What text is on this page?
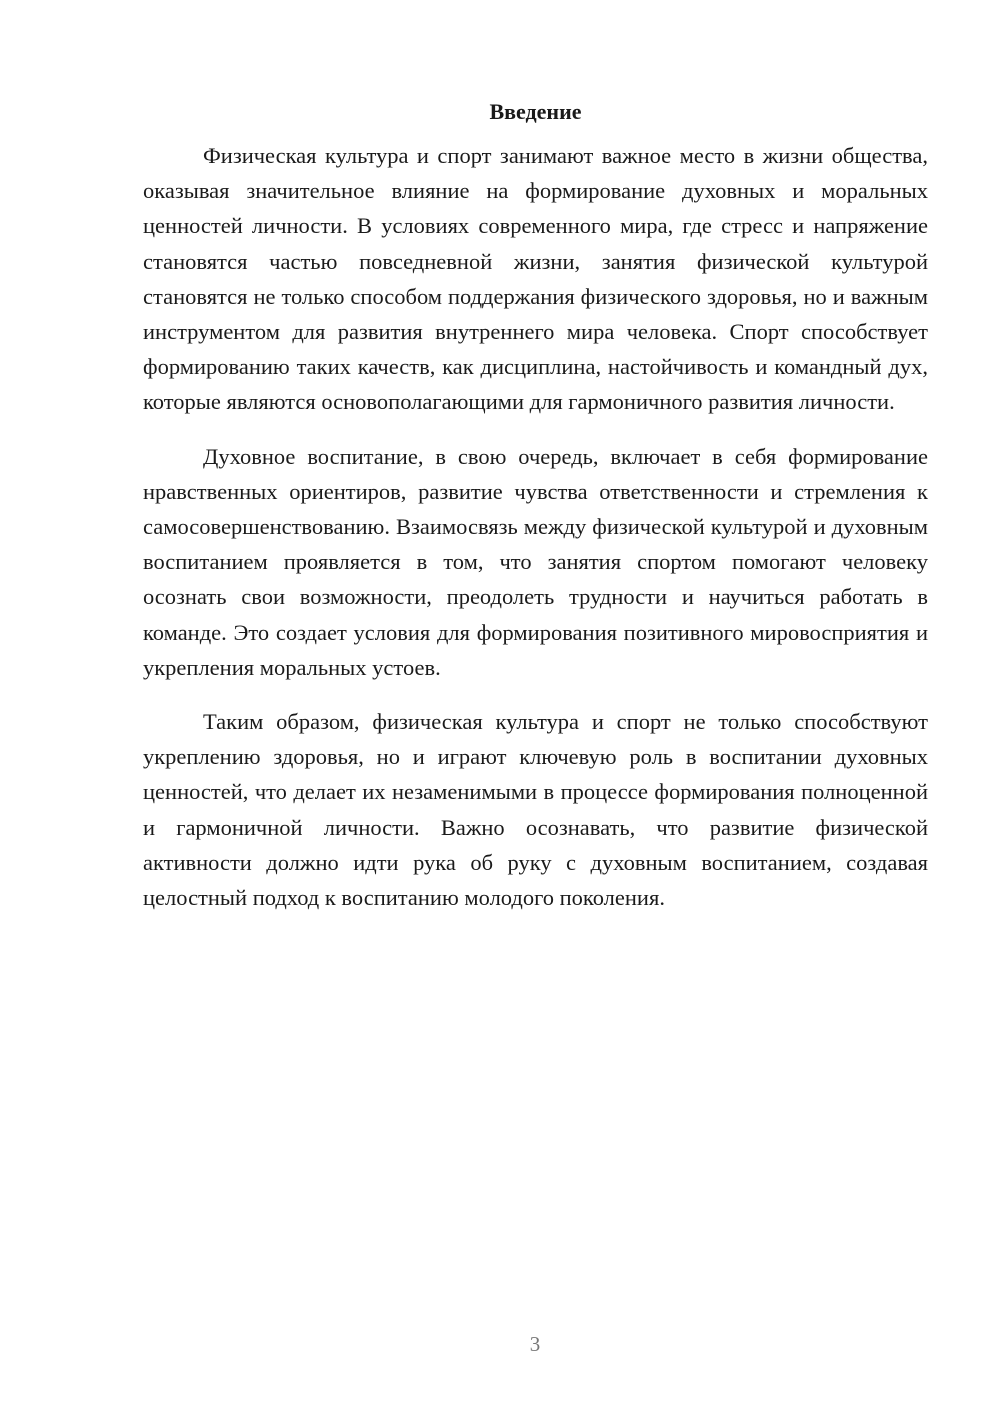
Введение

Физическая культура и спорт занимают важное место в жизни общества, оказывая значительное влияние на формирование духовных и моральных ценностей личности. В условиях современного мира, где стресс и напряжение становятся частью повседневной жизни, занятия физической культурой становятся не только способом поддержания физического здоровья, но и важным инструментом для развития внутреннего мира человека. Спорт способствует формированию таких качеств, как дисциплина, настойчивость и командный дух, которые являются основополагающими для гармоничного развития личности.

Духовное воспитание, в свою очередь, включает в себя формирование нравственных ориентиров, развитие чувства ответственности и стремления к самосовершенствованию. Взаимосвязь между физической культурой и духовным воспитанием проявляется в том, что занятия спортом помогают человеку осознать свои возможности, преодолеть трудности и научиться работать в команде. Это создает условия для формирования позитивного мировосприятия и укрепления моральных устоев.

Таким образом, физическая культура и спорт не только способствуют укреплению здоровья, но и играют ключевую роль в воспитании духовных ценностей, что делает их незаменимыми в процессе формирования полноценной и гармоничной личности. Важно осознавать, что развитие физической активности должно идти рука об руку с духовным воспитанием, создавая целостный подход к воспитанию молодого поколения.

3
